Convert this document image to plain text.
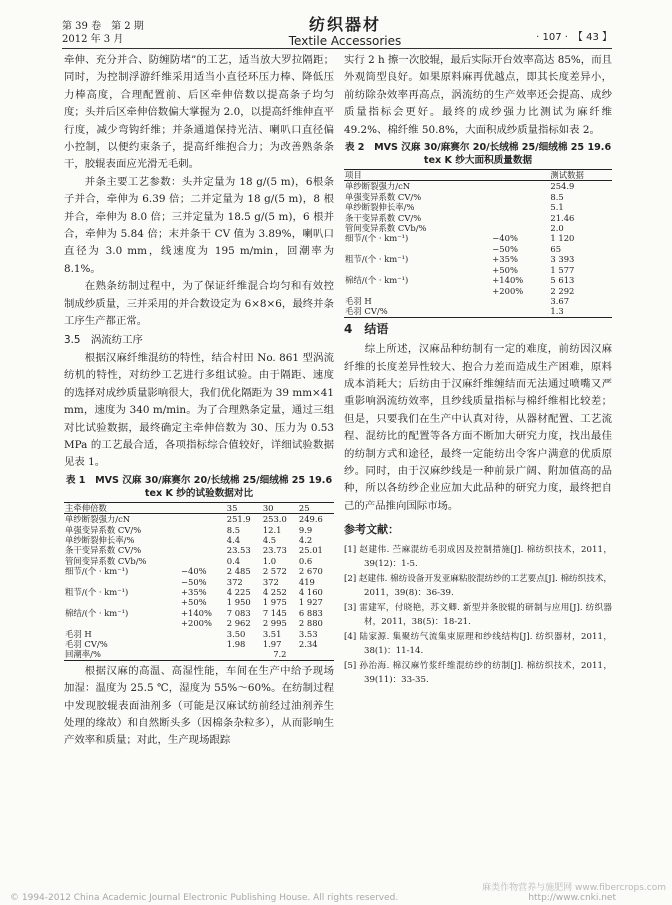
第 39 卷　第 2 期
2012 年 3 月
纺织器材
Textile Accessories	· 107 ·　【 43 】

牵伸、充分并合、防缠防堵”的工艺，适当放大罗拉隔距；同时，为控制浮游纤维采用适当小直径环压力棒、降低压力棒高度，合理配置前、后区牵伸倍数以提高条子均匀度；头并后区牵伸倍数偏大掌握为 2.0，以提高纤维伸直平行度，减少弯钩纤维；并条通道保持光洁、喇叭口直径偏小控制，以便约束条子，提高纤维抱合力；为改善熟条条干，胶辊表面应光滑无毛刺。

并条主要工艺参数：头并定量为 18 g/(5 m)，6根条子并合，牵伸为 6.39 倍；二并定量为 18 g/(5 m)，8 根并合，牵伸为 8.0 倍；三并定量为 18.5 g/(5 m)，6 根并合，牵伸为 5.84 倍；末并条干 CV 值为 3.89%，喇叭口直径为 3.0 mm，线速度为 195 m/min，回潮率为 8.1%。

在熟条纺制过程中，为了保证纤维混合均匀和有效控制成纱质量，三并采用的并合数设定为 6×8×6，最终并条工序生产都正常。

3.5　涡流纺工序

根据汉麻纤维混纺的特性，结合村田 No. 861 型涡流纺机的特性，对纺纱工艺进行多组试验。由于隔距、速度的选择对成纱质量影响很大，我们优化隔距为 39 mm×41 mm，速度为 340 m/min。为了合理熟条定量，通过三组对比试验数据，最终确定主牵伸倍数为 30、压力为 0.53 MPa 的工艺最合适，各项指标综合值较好，详细试验数据见表 1。

表 1　MVS 汉麻 30/麻赛尔 20/长绒棉 25/细绒棉 25 19.6 tex K 纱的试验数据对比
主牵伸倍数		35	30	25
单纱断裂强力/cN		251.9	253.0	249.6
单强变异系数 CV/%		8.5	12.1	9.9
单纱断裂伸长率/%		4.4	4.5	4.2
条干变异系数 CV/%		23.53	23.73	25.01
管间变异系数 CVb/%		0.4	1.0	0.6
细节/(个 · km⁻¹)	−40%	2 485	2 572	2 670
	−50%	372	372	419
粗节/(个 · km⁻¹)	+35%	4 225	4 252	4 160
	+50%	1 950	1 975	1 927
棉结/(个 · km⁻¹)	+140%	7 083	7 145	6 883
	+200%	2 962	2 995	2 880
毛羽 H		3.50	3.51	3.53
毛羽 CV/%		1.98	1.97	2.34
回潮率/%			7.2	

根据汉麻的高温、高湿性能，车间在生产中给予现场加湿：温度为 25.5 ℃，湿度为 55%～60%。在纺制过程中发现胶辊表面油剂多（可能是汉麻试纺前经过油剂养生处理的缘故）和自然断头多（因棉条杂粒多），从而影响生产效率和质量；对此，生产现场跟踪

实行 2 h 擦一次胶辊，最后实际开台效率高达 85%，而且外观筒型良好。如果原料麻再优越点，即其长度差异小，前纺除杂效率再高点，涡流纺的生产效率还会提高、成纱质量指标会更好。最终的成纱强力比测试为麻纤维 49.2%、棉纤维 50.8%，大面积成纱质量指标如表 2。

表 2　MVS 汉麻 30/麻赛尔 20/长绒棉 25/细绒棉 25 19.6 tex K 纱大面积质量数据
项目		测试数据
单纱断裂强力/cN		254.9
单强变异系数 CV/%		8.5
单纱断裂伸长率/%		5.1
条干变异系数 CV/%		21.46
管间变异系数 CVb/%		2.0
细节/(个 · km⁻¹)	−40%	1 120
	−50%	65
粗节/(个 · km⁻¹)	+35%	3 393
	+50%	1 577
棉结/(个 · km⁻¹)	+140%	5 613
	+200%	2 292
毛羽 H		3.67
毛羽 CV/%		1.3
4　结语

综上所述，汉麻品种纺制有一定的难度，前纺因汉麻纤维的长度差异性较大、抱合力差而造成生产困难，原料成本消耗大；后纺由于汉麻纤维缠结而无法通过喷嘴又严重影响涡流纺效率，且纱线质量指标与棉纤维相比较差；但是，只要我们在生产中认真对待，从器材配置、工艺流程、混纺比的配置等各方面不断加大研究力度，找出最佳的纺制方式和途径，最终一定能纺出令客户满意的优质原纱。同时，由于汉麻纱线是一种前景广阔、附加值高的品种，所以各纺纱企业应加大此品种的研究力度，最终把自己的产品推向国际市场。

参考文献：

[1] 赵建伟. 苎麻混纺毛羽成因及控制措施[J]. 棉纺织技术，2011，39(12)：1-5.

[2] 赵建伟. 棉纺设备开发亚麻粘胶混纺纱的工艺要点[J]. 棉纺织技术，2011，39(8)：36-39.

[3] 雷建军，付晓艳，苏文卿. 新型并条胶辊的研制与应用[J]. 纺织器材，2011，38(5)：18-21.

[4] 陆家源. 集聚纺气流集束原理和纱线结构[J]. 纺织器材，2011，38(1)：11-14.

[5] 孙治海. 棉汉麻竹浆纤维混纺纱的纺制[J]. 棉纺织技术，2011，39(11)：33-35.

© 1994-2012 China Academic Journal Electronic Publishing House. All rights reserved.	http://www.cnki.net
麻类作物营养与施肥网 www.fibercrops.com
